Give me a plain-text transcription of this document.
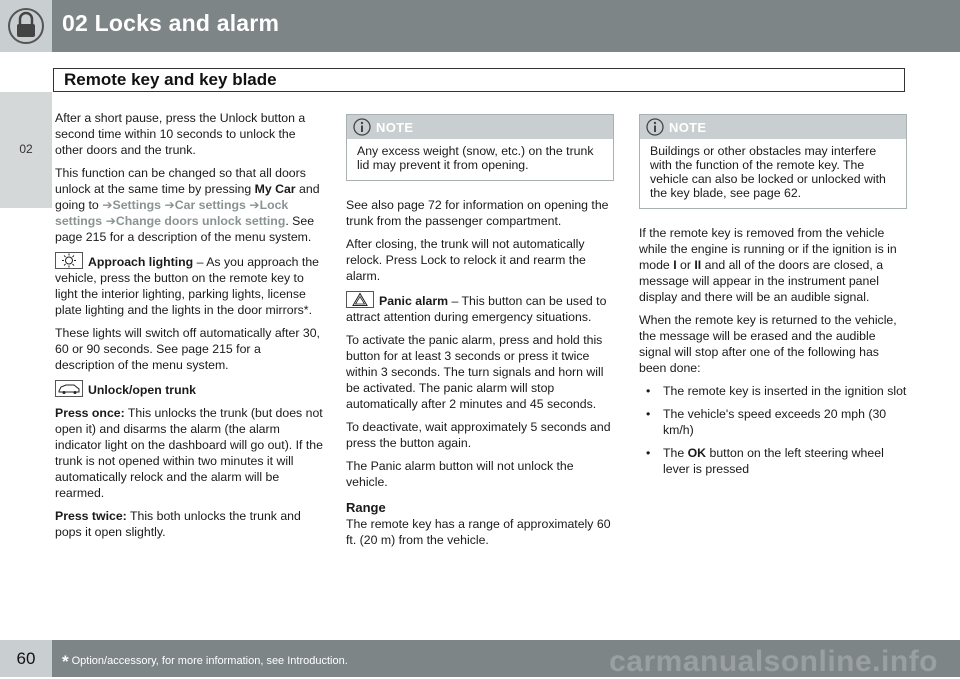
02 Locks and alarm
Remote key and key blade
02

After a short pause, press the Unlock button a second time within 10 seconds to unlock the other doors and the trunk.

This function can be changed so that all doors unlock at the same time by pressing My Car and going to ➔Settings ➔Car settings ➔Lock settings ➔Change doors unlock setting. See page 215 for a description of the menu system.

Approach lighting – As you approach the vehicle, press the button on the remote key to light the interior lighting, parking lights, license plate lighting and the lights in the door mirrors*.

These lights will switch off automatically after 30, 60 or 90 seconds. See page 215 for a description of the menu system.

Unlock/open trunk

Press once: This unlocks the trunk (but does not open it) and disarms the alarm (the alarm indicator light on the dashboard will go out). If the trunk is not opened within two minutes it will automatically relock and the alarm will be rearmed.

Press twice: This both unlocks the trunk and pops it open slightly.

NOTE
Any excess weight (snow, etc.) on the trunk lid may prevent it from opening.

See also page 72 for information on opening the trunk from the passenger compartment.

After closing, the trunk will not automatically relock. Press Lock to relock it and rearm the alarm.

Panic alarm – This button can be used to attract attention during emergency situations.

To activate the panic alarm, press and hold this button for at least 3 seconds or press it twice within 3 seconds. The turn signals and horn will be activated. The panic alarm will stop automatically after 2 minutes and 45 seconds.

To deactivate, wait approximately 5 seconds and press the button again.

The Panic alarm button will not unlock the vehicle.

Range

The remote key has a range of approximately 60 ft. (20 m) from the vehicle.

NOTE
Buildings or other obstacles may interfere with the function of the remote key. The vehicle can also be locked or unlocked with the key blade, see page 62.

If the remote key is removed from the vehicle while the engine is running or if the ignition is in mode I or II and all of the doors are closed, a message will appear in the instrument panel display and there will be an audible signal.

When the remote key is returned to the vehicle, the message will be erased and the audible signal will stop after one of the following has been done:

• The remote key is inserted in the ignition slot
• The vehicle's speed exceeds 20 mph (30 km/h)
• The OK button on the left steering wheel lever is pressed
60	* Option/accessory, for more information, see Introduction.	carmanualsonline.info
